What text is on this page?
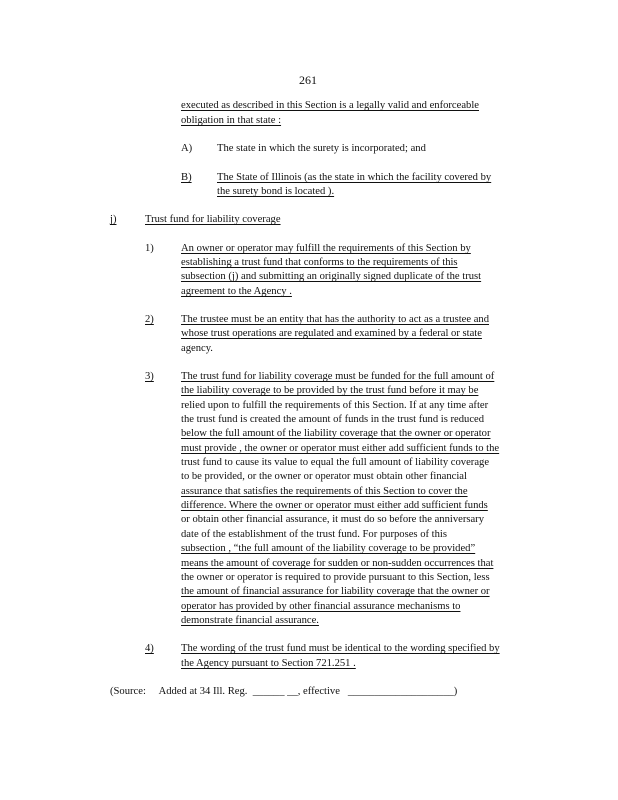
261

executed as described in this Section is a legally valid and enforceable

obligation in that state :

A) The state in which the surety is incorporated; and

B) The State of Illinois (as the state in which the facility covered by

the surety bond is located ).

j)	Trust fund for liability coverage

1)	An owner or operator may fulfill the requirements of this Section by

establishing a trust fund that conforms to the requirements of this

subsection (j) and submitting an originally signed duplicate of the trust

agreement to the Agency .

2)	The trustee must be an entity that has the authority to act as a trustee and

whose trust operations are regulated and examined by a federal or state

agency.

3)	The trust fund for liability coverage must be funded for the full amount of

the liability coverage to be provided by the trust fund before it may be

relied upon to fulfill the requirements of this Section. If at any time after

the trust fund is created the amount of funds in the trust fund is reduced

below the full amount of the liability coverage that the owner or operator

must provide , the owner or operator must either add sufficient funds to the

trust fund to cause its value to equal the full amount of liability coverage

to be provided, or the owner or operator must obtain other financial

assurance that satisfies the requirements of this Section to cover the

difference. Where the owner or operator must either add sufficient funds

or obtain other financial assurance, it must do so before the anniversary

date of the establishment of the trust fund. For purposes of this

subsection , “the full amount of the liability coverage to be provided”

means the amount of coverage for sudden or non-sudden occurrences that

the owner or operator is required to provide pursuant to this Section, less

the amount of financial assurance for liability coverage that the owner or

operator has provided by other financial assurance mechanisms to

demonstrate financial assurance.

4)	The wording of the trust fund must be identical to the wording specified by

the Agency pursuant to Section 721.251 .

(Source: Added at 34 Ill. Reg. ______ __, effective ____________________)
